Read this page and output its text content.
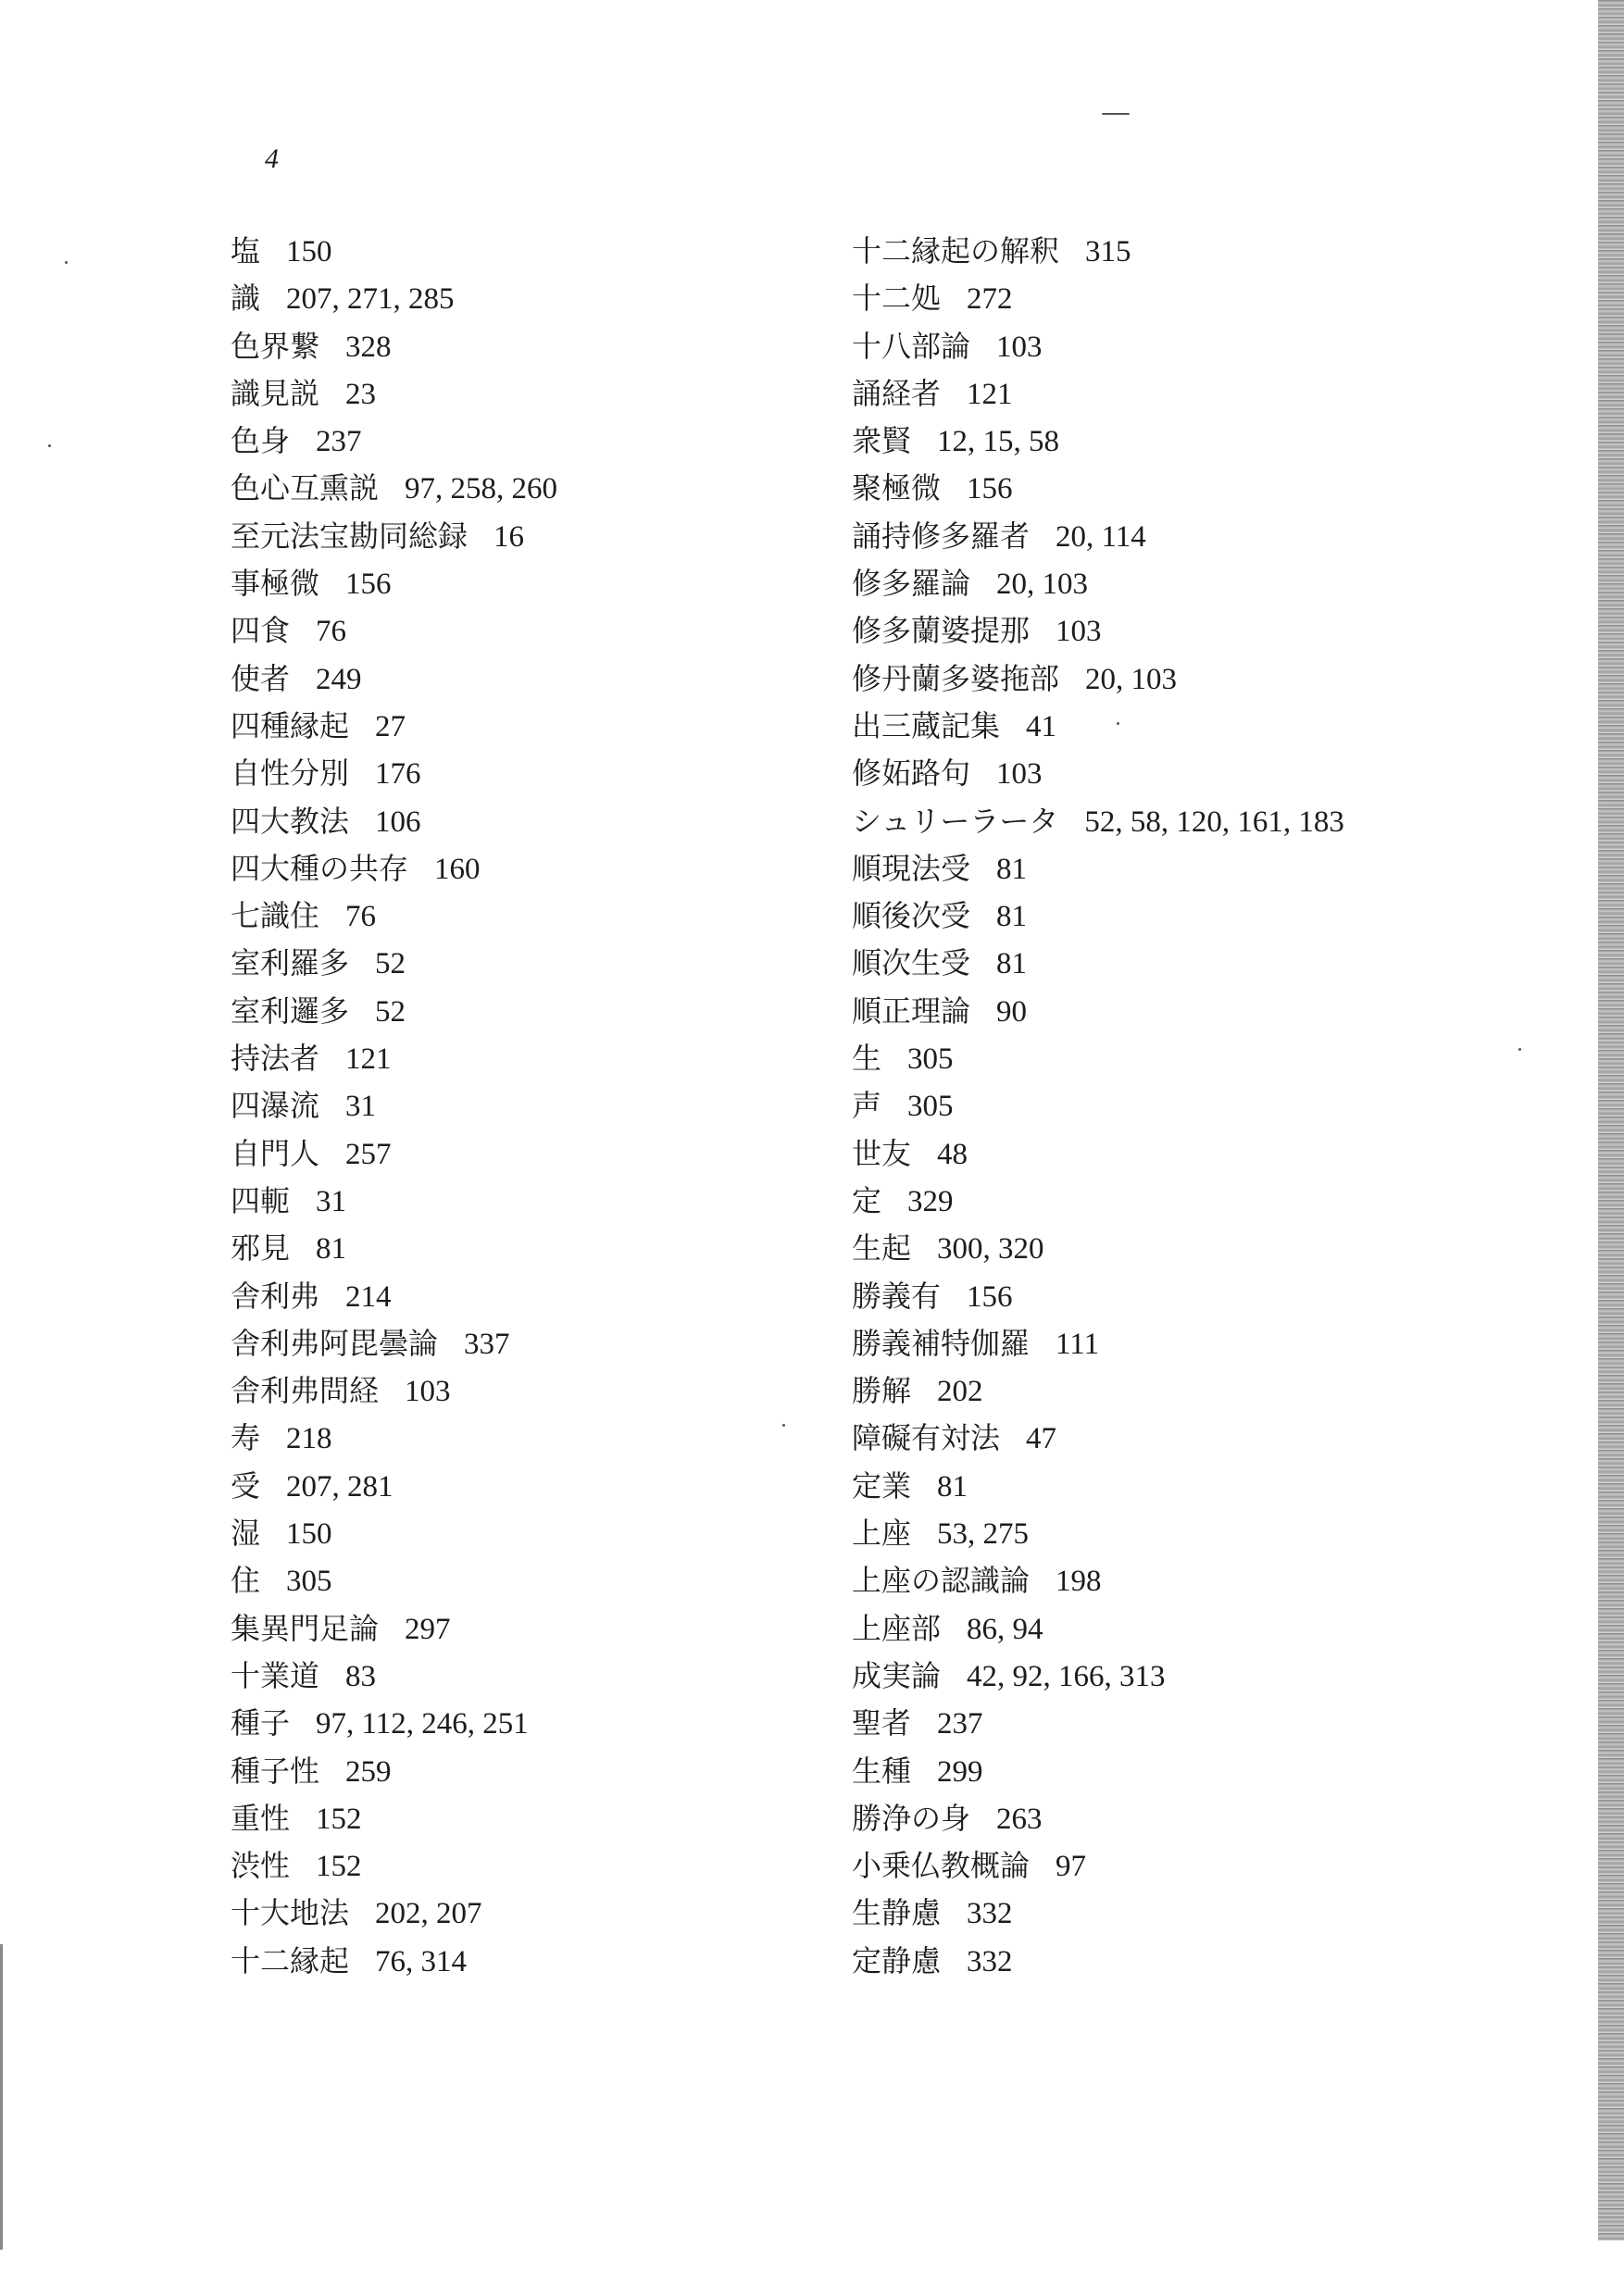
4
塩 150
識 207, 271, 285
色界繋 328
識見説 23
色身 237
色心互熏説 97, 258, 260
至元法宝勘同総録 16
事極微 156
四食 76
使者 249
四種縁起 27
自性分別 176
四大教法 106
四大種の共存 160
七識住 76
室利羅多 52
室利邏多 52
持法者 121
四瀑流 31
自門人 257
四軛 31
邪見 81
舎利弗 214
舎利弗阿毘曇論 337
舎利弗問経 103
寿 218
受 207, 281
湿 150
住 305
集異門足論 297
十業道 83
種子 97, 112, 246, 251
種子性 259
重性 152
渋性 152
十大地法 202, 207
十二縁起 76, 314
十二縁起の解釈 315
十二処 272
十八部論 103
誦経者 121
衆賢 12, 15, 58
聚極微 156
誦持修多羅者 20, 114
修多羅論 20, 103
修多蘭婆提那 103
修丹蘭多婆拖部 20, 103
出三蔵記集 41
修妬路句 103
シュリーラータ 52, 58, 120, 161, 183
順現法受 81
順後次受 81
順次生受 81
順正理論 90
生 305
声 305
世友 48
定 329
生起 300, 320
勝義有 156
勝義補特伽羅 111
勝解 202
障礙有対法 47
定業 81
上座 53, 275
上座の認識論 198
上座部 86, 94
成実論 42, 92, 166, 313
聖者 237
生種 299
勝浄の身 263
小乗仏教概論 97
生静慮 332
定静慮 332
